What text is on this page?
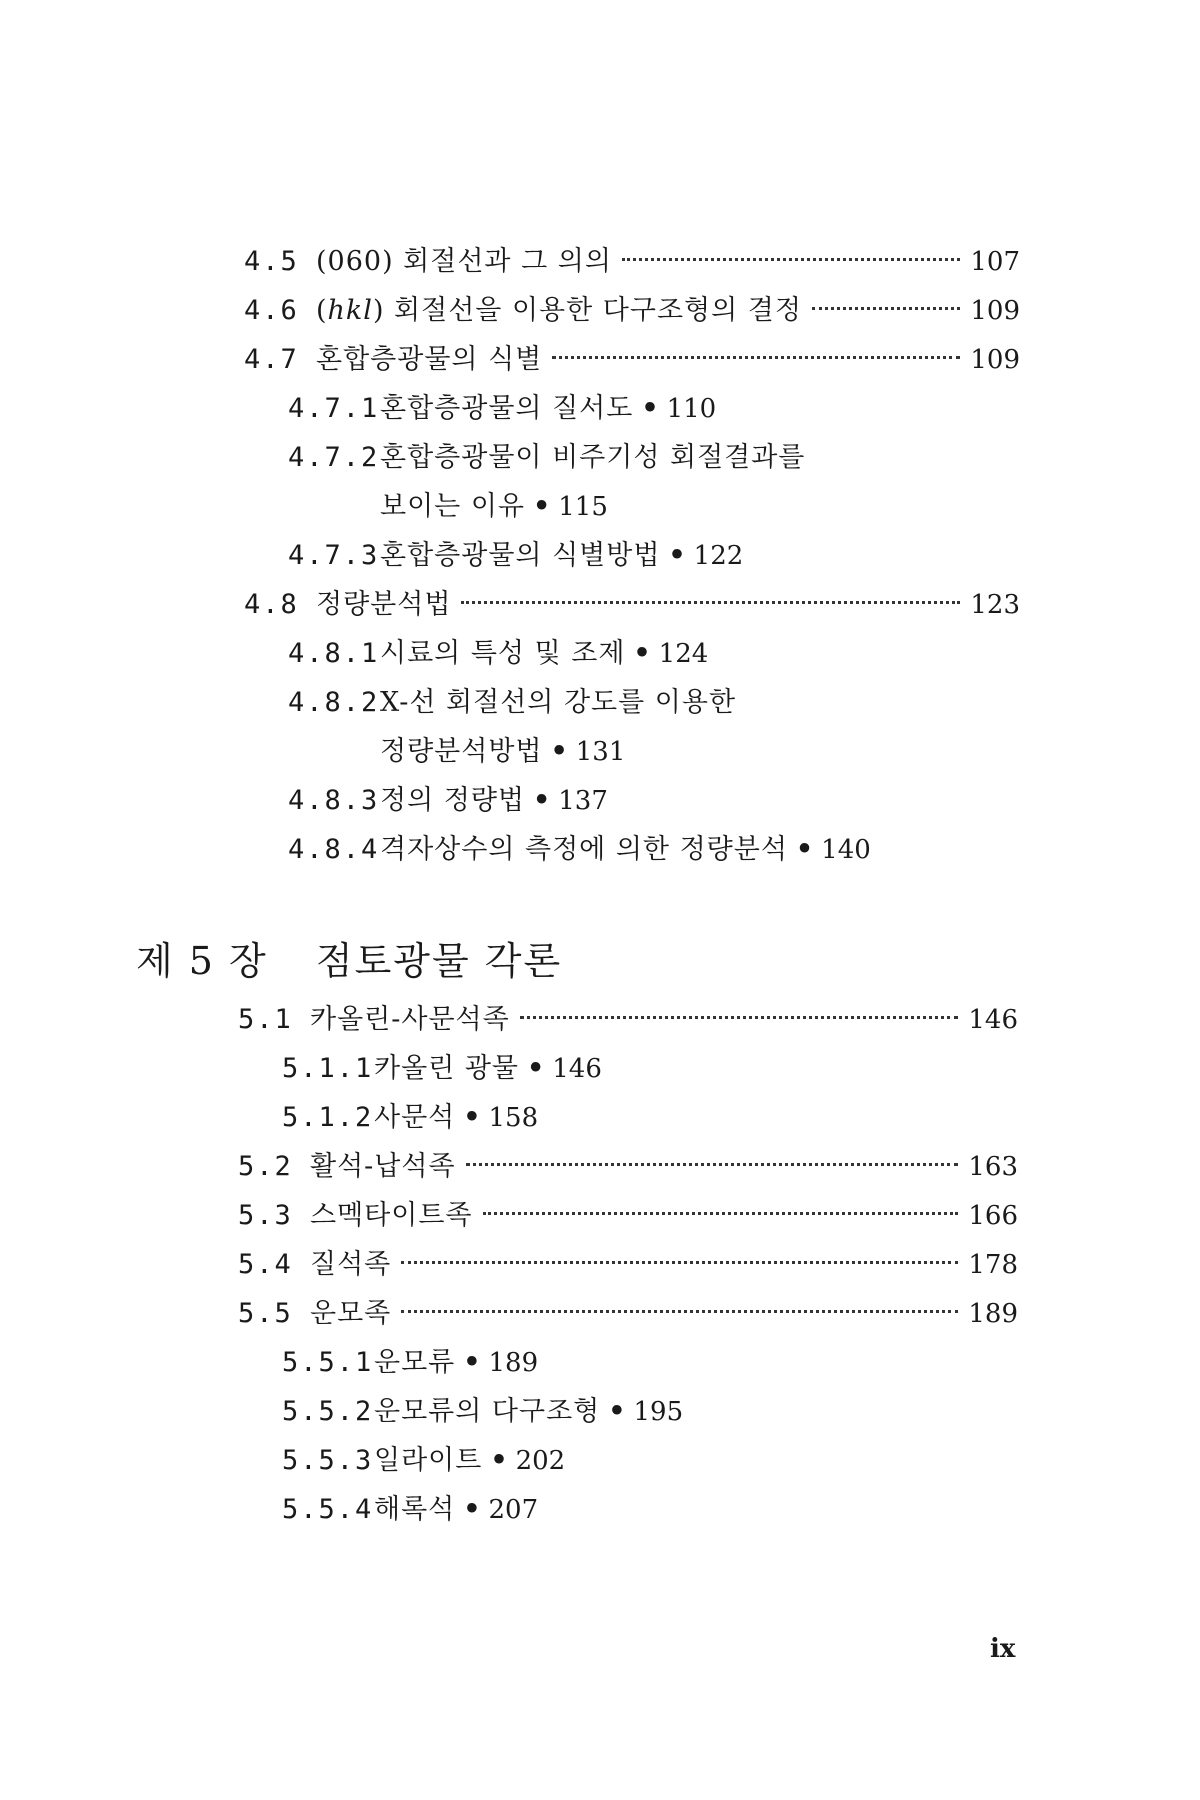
4.5 (060) 회절선과 그 의의	107
4.6 (hkl) 회절선을 이용한 다구조형의 결정	109
4.7 혼합층광물의 식별	109
4.7.1 혼합층광물의 질서도 • 110
4.7.2 혼합층광물이 비주기성 회절결과를
보이는 이유 • 115
4.7.3 혼합층광물의 식별방법 • 122
4.8 정량분석법	123
4.8.1 시료의 특성 및 조제 • 124
4.8.2 X-선 회절선의 강도를 이용한
정량분석방법 • 131
4.8.3 정의 정량법 • 137
4.8.4 격자상수의 측정에 의한 정량분석 • 140
제 5 장 점토광물 각론
5.1 카올린-사문석족	146
5.1.1 카올린 광물 • 146
5.1.2 사문석 • 158
5.2 활석-납석족	163
5.3 스멕타이트족	166
5.4 질석족	178
5.5 운모족	189
5.5.1 운모류 • 189
5.5.2 운모류의 다구조형 • 195
5.5.3 일라이트 • 202
5.5.4 해록석 • 207
ix
